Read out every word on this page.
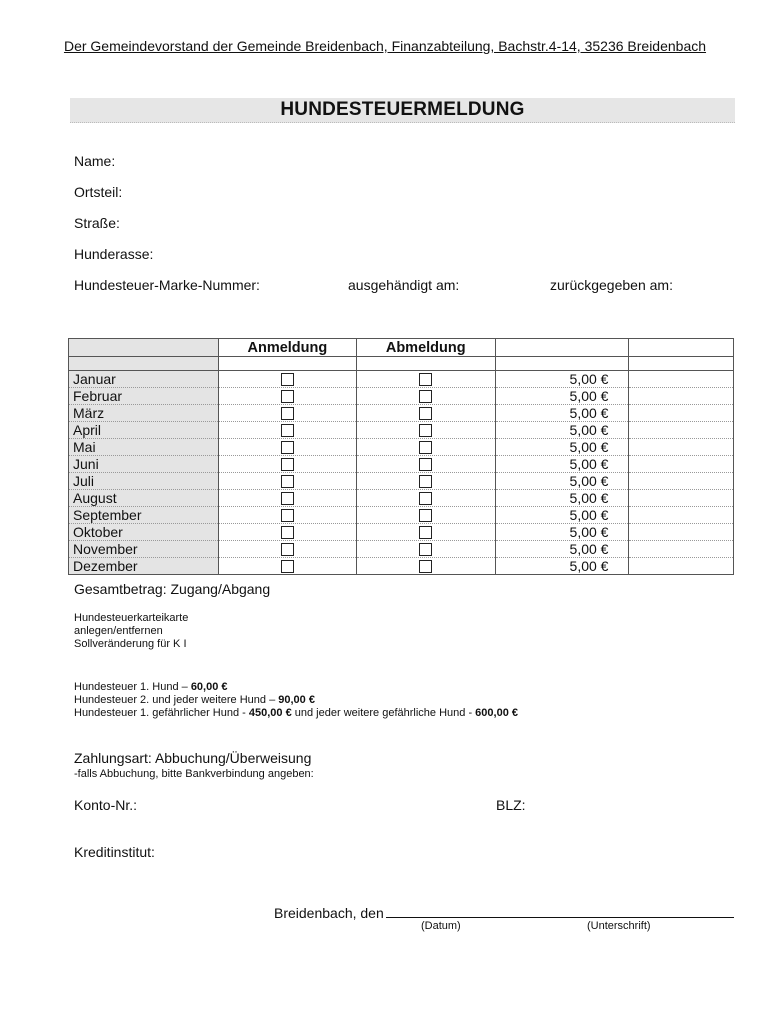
Der Gemeindevorstand der Gemeinde Breidenbach, Finanzabteilung, Bachstr.4-14, 35236 Breidenbach
HUNDESTEUERMELDUNG
Name:
Ortsteil:
Straße:
Hunderasse:
Hundesteuer-Marke-Nummer:	ausgehändigt am:	zurückgegeben am:
	Anmeldung	Abmeldung		

Januar			5,00 €	
Februar			5,00 €	
März			5,00 €	
April			5,00 €	
Mai			5,00 €	
Juni			5,00 €	
Juli			5,00 €	
August			5,00 €	
September			5,00 €	
Oktober			5,00 €	
November			5,00 €	
Dezember			5,00 €	
Gesamtbetrag: Zugang/Abgang
Hundesteuerkarteikarte
anlegen/entfernen
Sollveränderung für K I
Hundesteuer 1. Hund – 60,00 €
Hundesteuer 2. und jeder weitere Hund – 90,00 €
Hundesteuer 1. gefährlicher Hund - 450,00 € und jeder weitere gefährliche Hund - 600,00 €
Zahlungsart: Abbuchung/Überweisung
-falls Abbuchung, bitte Bankverbindung angeben:
Konto-Nr.:	BLZ:
Kreditinstitut:
Breidenbach, den
(Datum)	(Unterschrift)
